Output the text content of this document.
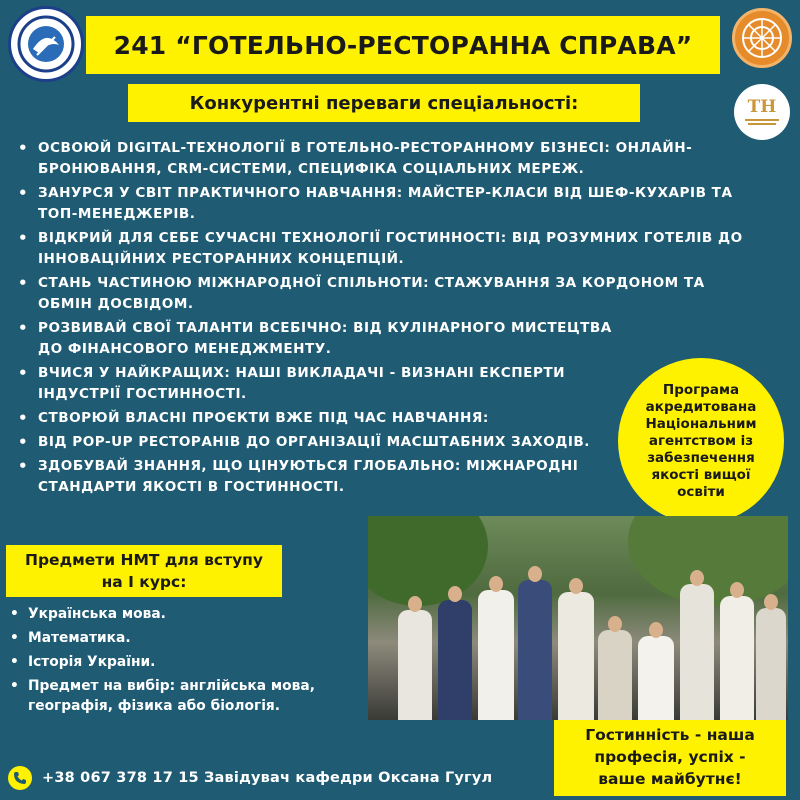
TH
241 “ГОТЕЛЬНО-РЕСТОРАННА СПРАВА”
Конкурентні переваги спеціальності:
• ОСВОЮЙ DIGITAL-ТЕХНОЛОГІЇ В ГОТЕЛЬНО-РЕСТОРАННОМУ БІЗНЕСІ: ОНЛАЙН-БРОНЮВАННЯ, CRM-СИСТЕМИ, СПЕЦИФІКА СОЦІАЛЬНИХ МЕРЕЖ.
• ЗАНУРСЯ У СВІТ ПРАКТИЧНОГО НАВЧАННЯ: МАЙСТЕР-КЛАСИ ВІД ШЕФ-КУХАРІВ ТА ТОП-МЕНЕДЖЕРІВ.
• ВІДКРИЙ ДЛЯ СЕБЕ СУЧАСНІ ТЕХНОЛОГІЇ ГОСТИННОСТІ: ВІД РОЗУМНИХ ГОТЕЛІВ ДО ІННОВАЦІЙНИХ РЕСТОРАННИХ КОНЦЕПЦІЙ.
• СТАНЬ ЧАСТИНОЮ МІЖНАРОДНОЇ СПІЛЬНОТИ: СТАЖУВАННЯ ЗА КОРДОНОМ ТА ОБМІН ДОСВІДОМ.
• РОЗВИВАЙ СВОЇ ТАЛАНТИ ВСЕБІЧНО: ВІД КУЛІНАРНОГО МИСТЕЦТВА ДО ФІНАНСОВОГО МЕНЕДЖМЕНТУ.
• ВЧИСЯ У НАЙКРАЩИХ: НАШІ ВИКЛАДАЧІ - ВИЗНАНІ ЕКСПЕРТИ ІНДУСТРІЇ ГОСТИННОСТІ.
• СТВОРЮЙ ВЛАСНІ ПРОЄКТИ ВЖЕ ПІД ЧАС НАВЧАННЯ:
• ВІД POP-UP РЕСТОРАНІВ ДО ОРГАНІЗАЦІЇ МАСШТАБНИХ ЗАХОДІВ.
• ЗДОБУВАЙ ЗНАННЯ, ЩО ЦІНУЮТЬСЯ ГЛОБАЛЬНО: МІЖНАРОДНІ СТАНДАРТИ ЯКОСТІ В ГОСТИННОСТІ.
Програма
акредитована
Національним
агентством із
забезпечення
якості вищої
освіти
Предмети НМТ для вступу
на І курс:
• Українська мова.
• Математика.
• Історія України.
• Предмет на вибір: англійська мова, географія, фізика або біологія.
Гостинність - наша
професія, успіх -
ваше майбутнє!
+38 067 378 17 15 Завідувач кафедри Оксана Гугул
